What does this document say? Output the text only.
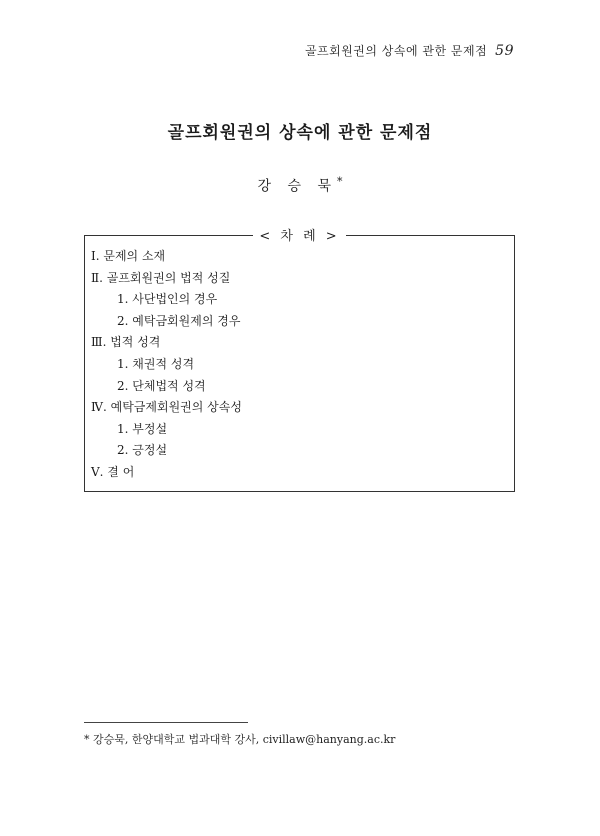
골프회원권의 상속에 관한 문제점 59
골프회원권의 상속에 관한 문제점
강 승 묵*
< 차 례 >
Ⅰ. 문제의 소재
Ⅱ. 골프회원권의 법적 성질
1. 사단법인의 경우
2. 예탁금회원제의 경우
Ⅲ. 법적 성격
1. 채권적 성격
2. 단체법적 성격
Ⅳ. 예탁금제회원권의 상속성
1. 부정설
2. 긍정설
Ⅴ. 결 어
* 강승묵, 한양대학교 법과대학 강사, civillaw@hanyang.ac.kr
